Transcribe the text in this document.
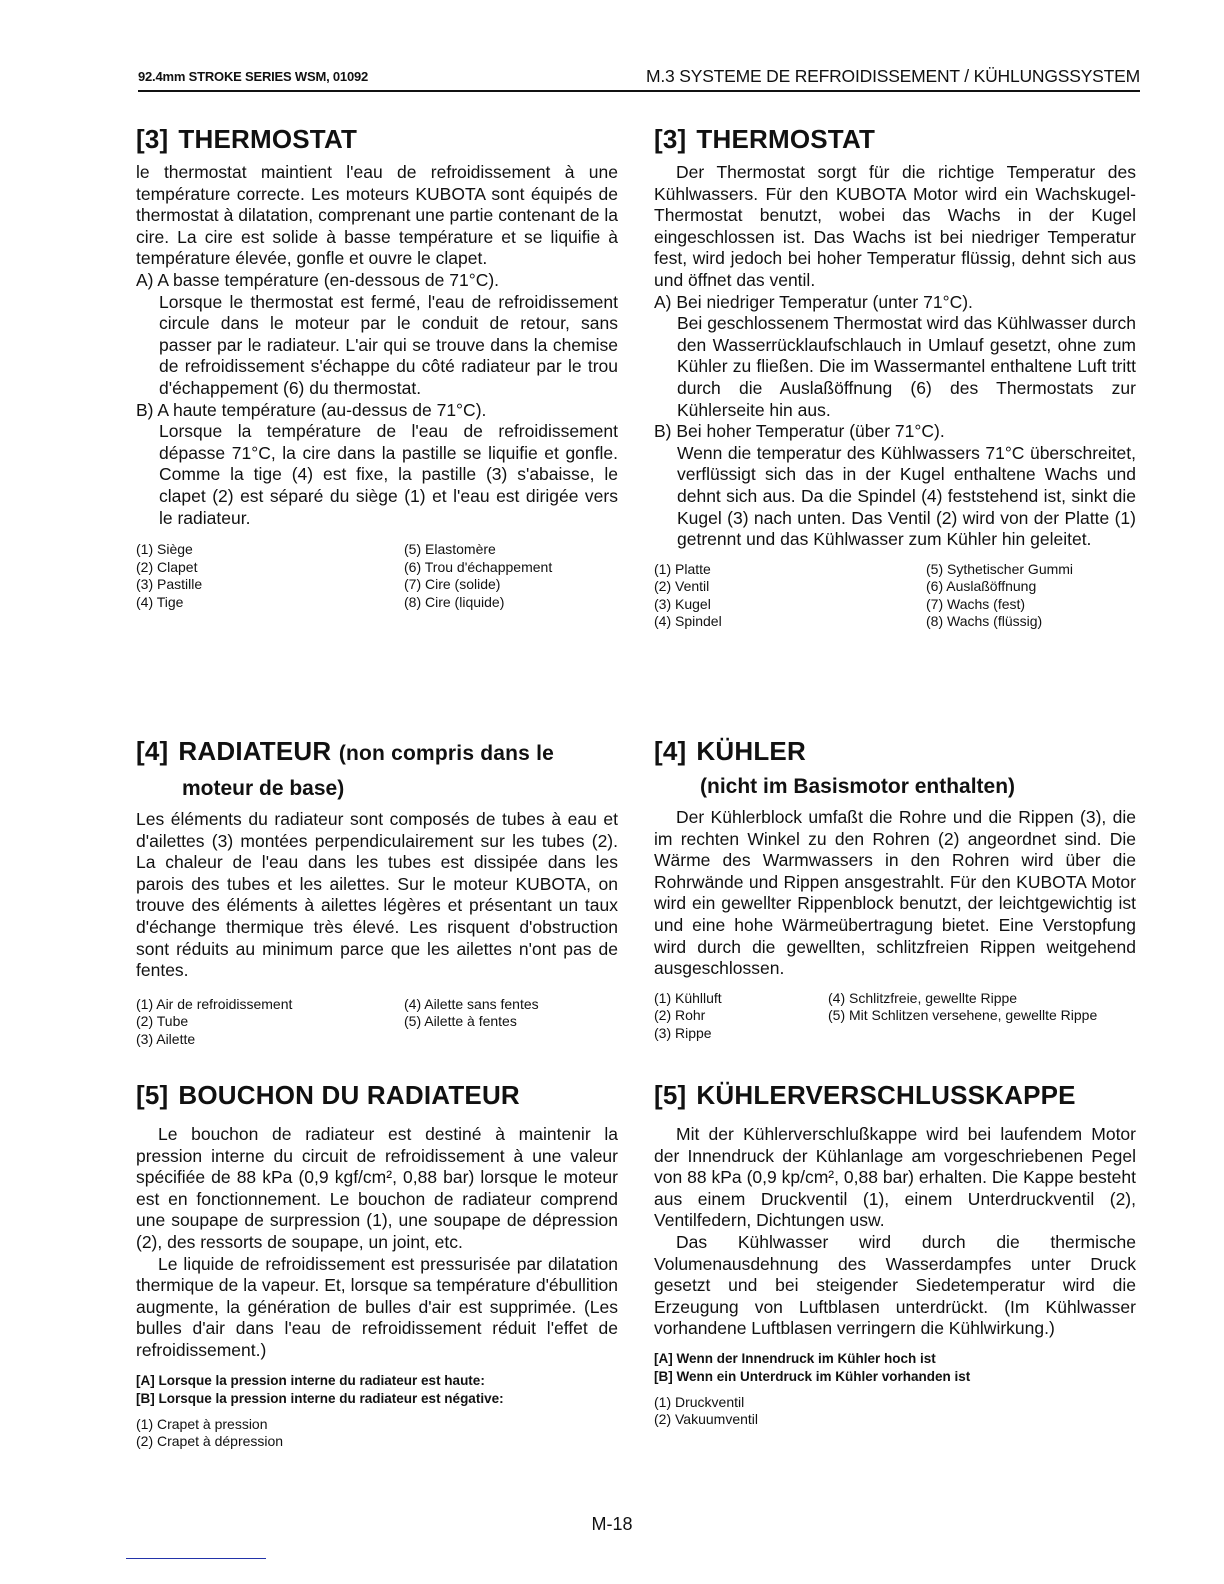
92.4mm STROKE SERIES WSM, 01092	M.3 SYSTEME DE REFROIDISSEMENT / KÜHLUNGSSYSTEM
[3] THERMOSTAT

le thermostat maintient l'eau de refroidissement à une température correcte. Les moteurs KUBOTA sont équipés de thermostat à dilatation, comprenant une partie contenant de la cire. La cire est solide à basse température et se liquifie à température élevée, gonfle et ouvre le clapet.

A) A basse température (en-dessous de 71°C).

Lorsque le thermostat est fermé, l'eau de refroidissement circule dans le moteur par le conduit de retour, sans passer par le radiateur. L'air qui se trouve dans la chemise de refroidissement s'échappe du côté radiateur par le trou d'échappement (6) du thermostat.

B) A haute température (au-dessus de 71°C).

Lorsque la température de l'eau de refroidissement dépasse 71°C, la cire dans la pastille se liquifie et gonfle. Comme la tige (4) est fixe, la pastille (3) s'abaisse, le clapet (2) est séparé du siège (1) et l'eau est dirigée vers le radiateur.

(1) Siège	(5) Elastomère
(2) Clapet	(6) Trou d'échappement
(3) Pastille	(7) Cire (solide)
(4) Tige	(8) Cire (liquide)
[3] THERMOSTAT

Der Thermostat sorgt für die richtige Temperatur des Kühlwassers. Für den KUBOTA Motor wird ein Wachskugel-Thermostat benutzt, wobei das Wachs in der Kugel eingeschlossen ist. Das Wachs ist bei niedriger Temperatur fest, wird jedoch bei hoher Temperatur flüssig, dehnt sich aus und öffnet das ventil.

A) Bei niedriger Temperatur (unter 71°C).

Bei geschlossenem Thermostat wird das Kühlwasser durch den Wasserrücklaufschlauch in Umlauf gesetzt, ohne zum Kühler zu fließen. Die im Wassermantel enthaltene Luft tritt durch die Auslaßöffnung (6) des Thermostats zur Kühlerseite hin aus.

B) Bei hoher Temperatur (über 71°C).

Wenn die temperatur des Kühlwassers 71°C überschreitet, verflüssigt sich das in der Kugel enthaltene Wachs und dehnt sich aus. Da die Spindel (4) feststehend ist, sinkt die Kugel (3) nach unten. Das Ventil (2) wird von der Platte (1) getrennt und das Kühlwasser zum Kühler hin geleitet.

(1) Platte	(5) Sythetischer Gummi
(2) Ventil	(6) Auslaßöffnung
(3) Kugel	(7) Wachs (fest)
(4) Spindel	(8) Wachs (flüssig)
[4] RADIATEUR (non compris dans le
moteur de base)

Les éléments du radiateur sont composés de tubes à eau et d'ailettes (3) montées perpendiculairement sur les tubes (2). La chaleur de l'eau dans les tubes est dissipée dans les parois des tubes et les ailettes. Sur le moteur KUBOTA, on trouve des éléments à ailettes légères et présentant un taux d'échange thermique très élevé. Les risquent d'obstruction sont réduits au minimum parce que les ailettes n'ont pas de fentes.

(1) Air de refroidissement	(4) Ailette sans fentes
(2) Tube	(5) Ailette à fentes
(3) Ailette
[4] KÜHLER
(nicht im Basismotor enthalten)

Der Kühlerblock umfaßt die Rohre und die Rippen (3), die im rechten Winkel zu den Rohren (2) angeordnet sind. Die Wärme des Warmwassers in den Rohren wird über die Rohrwände und Rippen ansgestrahlt. Für den KUBOTA Motor wird ein gewellter Rippenblock benutzt, der leichtgewichtig ist und eine hohe Wärmeübertragung bietet. Eine Verstopfung wird durch die gewellten, schlitzfreien Rippen weitgehend ausgeschlossen.

(1) Kühlluft	(4) Schlitzfreie, gewellte Rippe
(2) Rohr	(5) Mit Schlitzen versehene, gewellte Rippe
(3) Rippe
[5] BOUCHON DU RADIATEUR

Le bouchon de radiateur est destiné à maintenir la pression interne du circuit de refroidissement à une valeur spécifiée de 88 kPa (0,9 kgf/cm², 0,88 bar) lorsque le moteur est en fonctionnement. Le bouchon de radiateur comprend une soupape de surpression (1), une soupape de dépression (2), des ressorts de soupape, un joint, etc.

Le liquide de refroidissement est pressurisée par dilatation thermique de la vapeur. Et, lorsque sa température d'ébullition augmente, la génération de bulles d'air est supprimée. (Les bulles d'air dans l'eau de refroidissement réduit l'effet de refroidissement.)

[A] Lorsque la pression interne du radiateur est haute:
[B] Lorsque la pression interne du radiateur est négative:
(1) Crapet à pression
(2) Crapet à dépression
[5] KÜHLERVERSCHLUSSKAPPE

Mit der Kühlerverschlußkappe wird bei laufendem Motor der Innendruck der Kühlanlage am vorgeschriebenen Pegel von 88 kPa (0,9 kp/cm², 0,88 bar) erhalten. Die Kappe besteht aus einem Druckventil (1), einem Unterdruckventil (2), Ventilfedern, Dichtungen usw.

Das Kühlwasser wird durch die thermische Volumenausdehnung des Wasserdampfes unter Druck gesetzt und bei steigender Siedetemperatur wird die Erzeugung von Luftblasen unterdrückt. (Im Kühlwasser vorhandene Luftblasen verringern die Kühlwirkung.)

[A] Wenn der Innendruck im Kühler hoch ist
[B] Wenn ein Unterdruck im Kühler vorhanden ist
(1) Druckventil
(2) Vakuumventil
M-18
